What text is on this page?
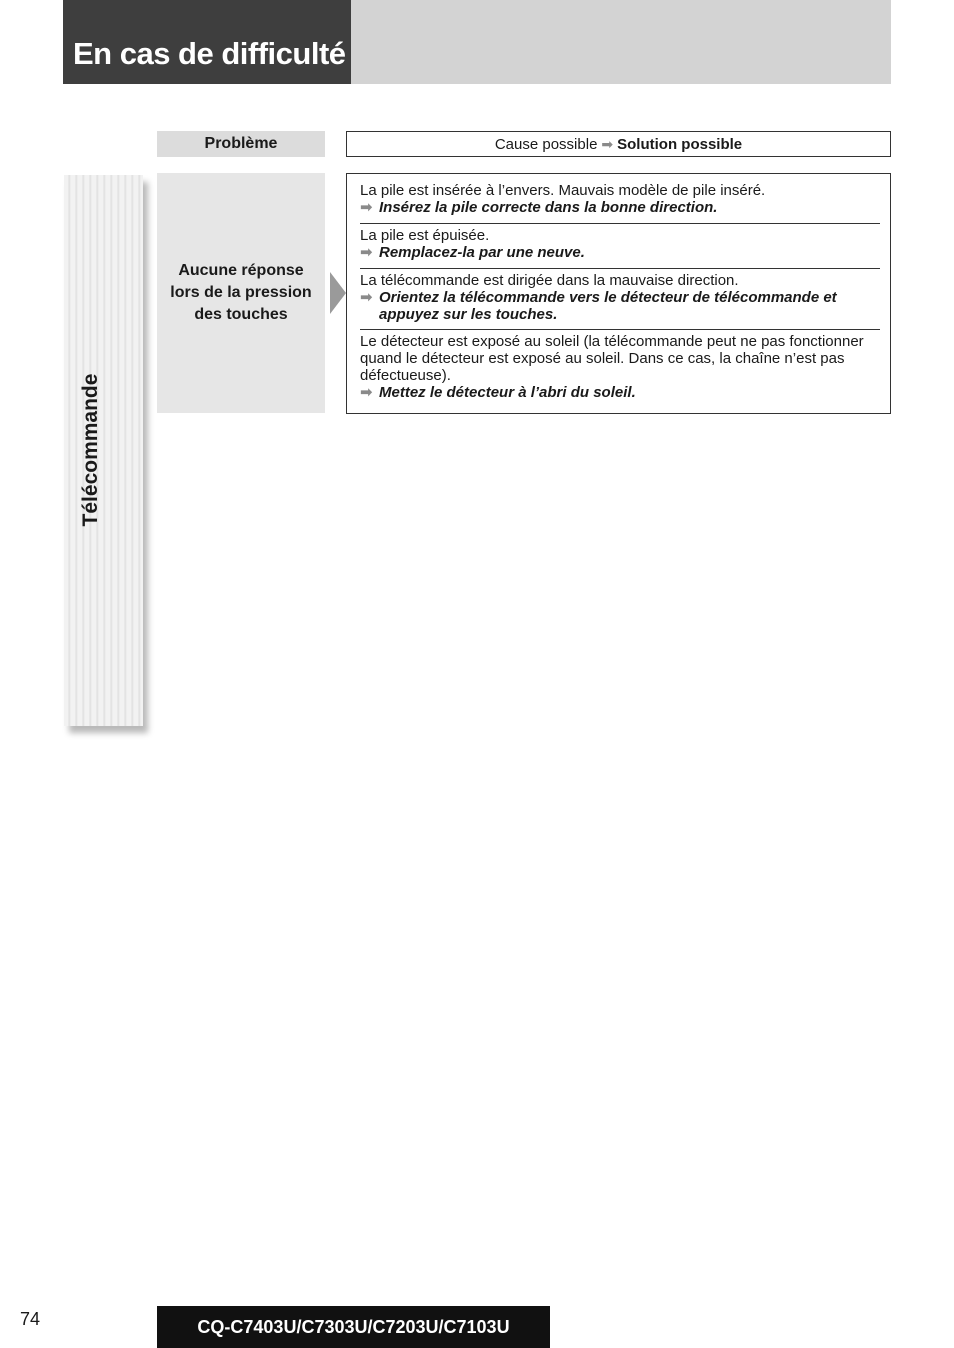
En cas de difficulté
Télécommande
Problème	Cause possible ➡ Solution possible
Aucune réponse lors de la pression des touches
La pile est insérée à l’envers. Mauvais modèle de pile inséré.
➡ Insérez la pile correcte dans la bonne direction.
La pile est épuisée.
➡ Remplacez-la par une neuve.
La télécommande est dirigée dans la mauvaise direction.
➡ Orientez la télécommande vers le détecteur de télécommande et appuyez sur les touches.
Le détecteur est exposé au soleil (la télécommande peut ne pas fonctionner quand le détecteur est exposé au soleil. Dans ce cas, la chaîne n’est pas défectueuse).
➡ Mettez le détecteur à l’abri du soleil.
74	CQ-C7403U/C7303U/C7203U/C7103U
